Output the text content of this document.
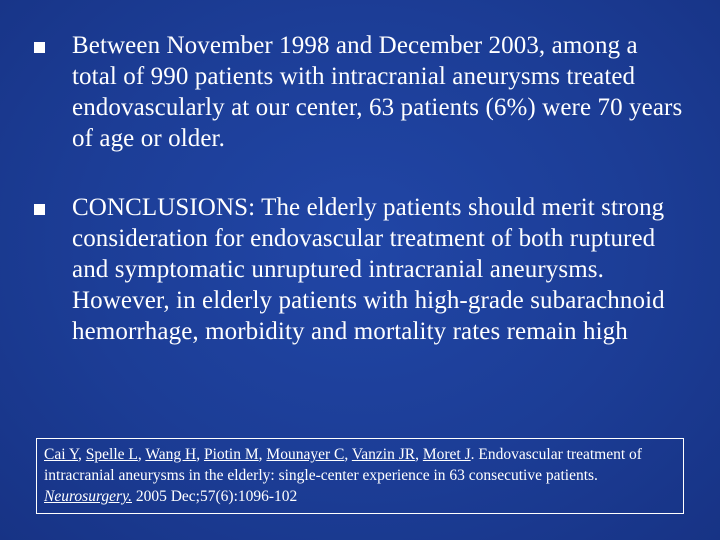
Between November 1998 and December 2003, among a total of 990 patients with intracranial aneurysms treated endovascularly at our center, 63 patients (6%) were 70 years of age or older.
CONCLUSIONS: The elderly patients should merit strong consideration for endovascular treatment of both ruptured and symptomatic unruptured intracranial aneurysms. However, in elderly patients with high-grade subarachnoid hemorrhage, morbidity and mortality rates remain high
Cai Y, Spelle L, Wang H, Piotin M, Mounayer C, Vanzin JR, Moret J. Endovascular treatment of intracranial aneurysms in the elderly: single-center experience in 63 consecutive patients. Neurosurgery. 2005 Dec;57(6):1096-102
